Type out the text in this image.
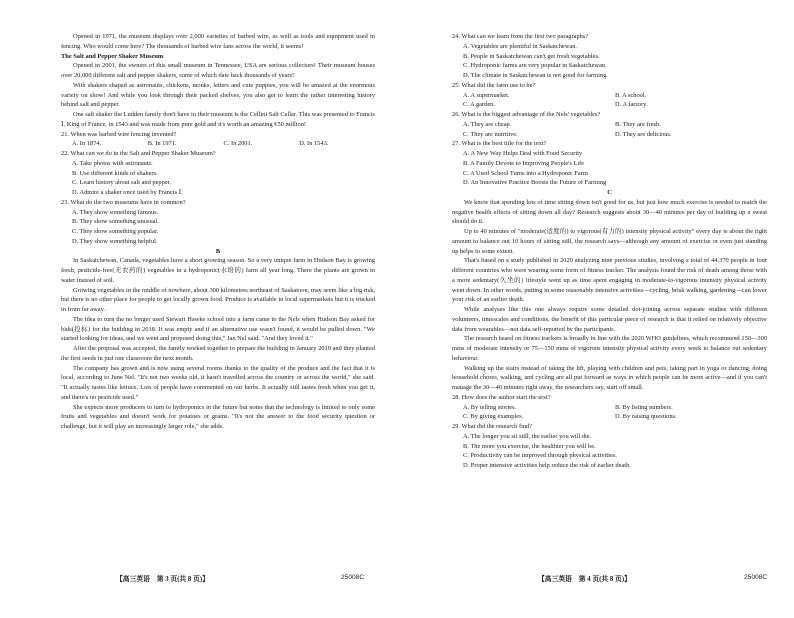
Opened in 1971, the museum displays over 2,000 varieties of barbed wire, as well as tools and equipment used in fencing. Who would come here? The thousands of barbed wire fans across the world, it seems!

The Salt and Pepper Shaker Museum

Opened in 2001, the owners of this small museum in Tennessee, USA are serious collectors! Their museum houses over 20,000 different salt and pepper shakers, some of which date back thousands of years!

With shakers shaped as astronauts, chickens, monks, letters and cute puppies, you will be amazed at the enormous variety on show! And while you look through their packed shelves, you also get to learn the rather interesting history behind salt and pepper.

One salt shaker the Ludden family don't have in their museum is the Cellini Salt Cellar. This was presented to Francis Ⅰ, King of France, in 1543 and was made from pure gold and it's worth an amazing €50 million!

21. When was barbed wire fencing invented?

A. In 1874.	B. In 1971.	C. In 2001.	D. In 1543.

22. What can we do in the Salt and Pepper Shaker Museum?

A. Take photos with astronauts.

B. Use different kinds of shakers.

C. Learn history about salt and pepper.

D. Admire a shaker once used by Francis Ⅰ.

23. What do the two museums have in common?

A. They show something famous.

B. They show something unusual.

C. They show something popular.

D. They show something helpful.

B

In Saskatchewan, Canada, vegetables have a short growing season. So a very unique farm in Hudson Bay is growing fresh, pesticide-free(无农药的) vegetables in a hydroponic(水培的) farm all year long. There the plants are grown in water instead of soil.

Growing vegetables in the middle of nowhere, about 300 kilometres northeast of Saskatoon, may seem like a big risk, but there is no other place for people to get locally grown food. Produce is available in local supermarkets but it is trucked in from far away.

The idea to turn the no longer used Stewart Hawke school into a farm came to the Nels when Hudson Bay asked for bids(投标) for the building in 2018. It was empty and if an alternative use wasn't found, it would be pulled down. "We started looking for ideas, and we went and proposed doing this," Jan Nel said. "And they loved it."

After the proposal was accepted, the family worked together to prepare the building in January 2019 and they planted the first seeds in just one classroom the next month.

The company has grown and is now using several rooms thanks to the quality of the produce and the fact that it is local, according to June Nel. "It's not two weeks old, it hasn't travelled across the country or across the world," she said. "It actually tastes like lettuce. Lots of people have commented on our herbs. It actually still tastes fresh when you get it, and there's no pesticide used."

She expects more producers to turn to hydroponics in the future but notes that the technology is limited to only some fruits and vegetables and doesn't work for potatoes or grains. "It's not the answer to the food security question or challenge, but it will play an increasingly larger role," she adds.

【高三英语　第 3 页(共 8 页)】	25008C

24. What can we learn from the first two paragraphs?

A. Vegetables are plentiful in Saskatchewan.

B. People in Saskatchewan can't get fresh vegetables.

C. Hydroponic farms are very popular in Saskatchewan.

D. The climate in Saskatchewan is not good for farming.

25. What did the farm use to be?

A. A supermarket.	B. A school.
C. A garden.	D. A factory.

26. What is the biggest advantage of the Nels' vegetables?

A. They are cheap.	B. They are fresh.
C. They are nutritive.	D. They are delicious.

27. What is the best title for the text?

A. A New Way Helps Deal with Food Security

B. A Family Devote to Improving People's Life

C. A Used School Turns into a Hydroponic Farm

D. An Innovative Practice Boosts the Future of Farming

C

We know that spending lots of time sitting down isn't good for us, but just how much exercise is needed to match the negative health effects of sitting down all day? Research suggests about 30—40 minutes per day of building up a sweat should do it.

Up to 40 minutes of "moderate(适度的) to vigorous(有力的) intensity physical activity" every day is about the right amount to balance out 10 hours of sitting still, the research says—although any amount of exercise or even just standing up helps to some extent.

That's based on a study published in 2020 analyzing nine previous studies, involving a total of 44,370 people in four different countries who were wearing some form of fitness tracker. The analysis found the risk of death among those with a more sedentary(久坐的) lifestyle went up as time spent engaging in moderate-to-vigorous intensity physical activity went down. In other words, putting in some reasonably intensive activities—cycling, brisk walking, gardening—can lower your risk of an earlier death.

While analyses like this one always require some detailed dot-joining across separate studies with different volunteers, timescales and conditions, the benefit of this particular piece of research is that it relied on relatively objective data from wearables—not data self-reported by the participants.

The research based on fitness trackers is broadly in line with the 2020 WHO guidelines, which recommend 150—300 mins of moderate intensity or 75—150 mins of vigorous intensity physical activity every week to balance out sedentary behaviour.

Walking up the stairs instead of taking the lift, playing with children and pets, taking part in yoga or dancing, doing household chores, walking, and cycling are all put forward as ways in which people can be more active—and if you can't manage the 30—40 minutes right away, the researchers say, start off small.

28. How does the author start the text?

A. By telling stories.	B. By listing numbers.
C. By giving examples.	D. By raising questions.

29. What did the research find?

A. The longer you sit still, the earlier you will die.

B. The more you exercise, the healthier you will be.

C. Productivity can be improved through physical activities.

D. Proper intensive activities help reduce the risk of earlier death.

【高三英语　第 4 页(共 8 页)】	25008C
